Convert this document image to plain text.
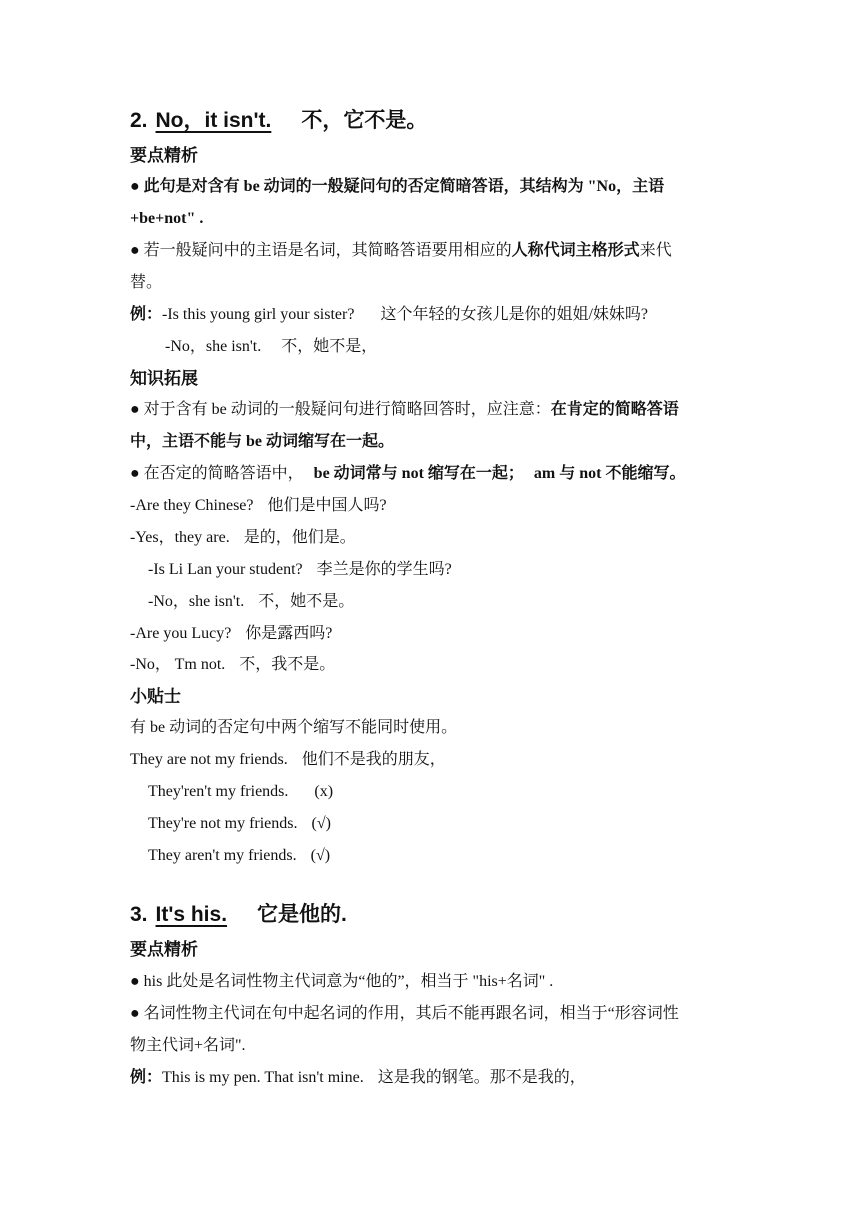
2. No，it isn't. 不，它不是。
要点精析
● 此句是对含有 be 动词的一般疑问句的否定简暗答语，其结构为 "No，主语
+be+not" .
● 若一般疑问中的主语是名词，其简略答语要用相应的人称代词主格形式来代
替。
例：-Is this young girl your sister? 这个年轻的女孩儿是你的姐姐/妹妹吗?
-No，she isn't. 不，她不是，
知识拓展
● 对于含有 be 动词的一般疑问句进行简略回答时，应注意：在肯定的简略答语
中，主语不能与 be 动词缩写在一起。
● 在否定的简略答语中， be 动词常与 not 缩写在一起； am 与 not 不能缩写。
-Are they Chinese? 他们是中国人吗?
-Yes，they are. 是的，他们是。
-Is Li Lan your student? 李兰是你的学生吗?
-No，she isn't. 不，她不是。
-Are you Lucy? 你是露西吗?
-No， Tm not. 不，我不是。
小贴士
有 be 动词的否定句中两个缩写不能同时使用。
They are not my friends. 他们不是我的朋友，
They'ren't my friends. (x)
They're not my friends. (√)
They aren't my friends. (√)
3. It's his. 它是他的.
要点精析
● his 此处是名词性物主代词意为“他的”，相当于 "his+名词" .
● 名词性物主代词在句中起名词的作用，其后不能再跟名词，相当于“形容词性
物主代词+名词".
例：This is my pen. That isn't mine. 这是我的钢笔。那不是我的，
